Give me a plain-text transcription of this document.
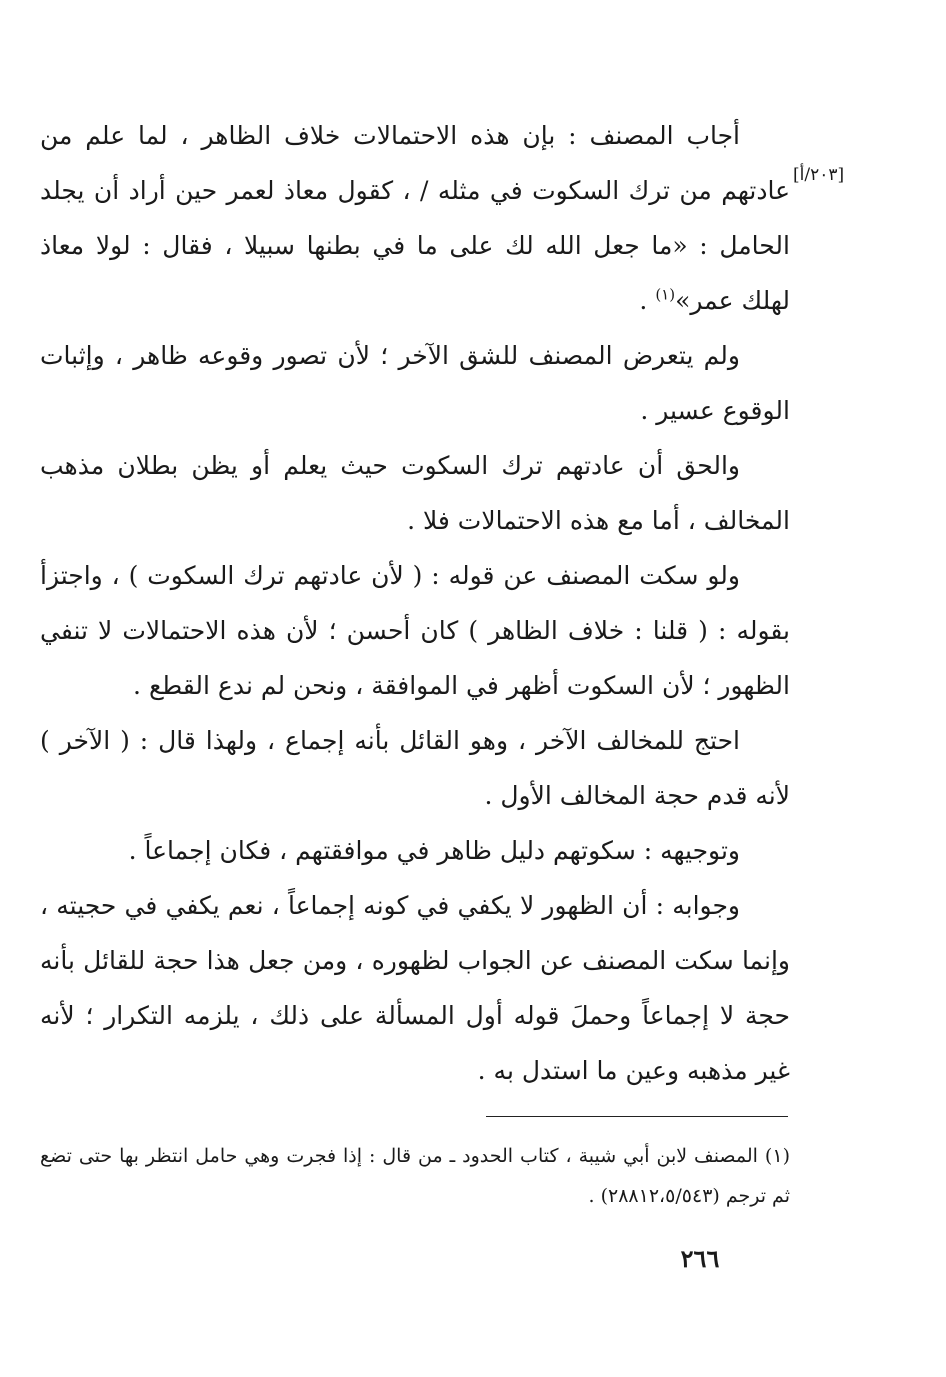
[٢٠٣/أ]

أجاب المصنف : بإن هذه الاحتمالات خلاف الظاهر ، لما علم من عادتهم من ترك السكوت في مثله / ، كقول معاذ لعمر حين أراد أن يجلد الحامل : «ما جعل الله لك على ما في بطنها سبيلا ، فقال : لولا معاذ لهلك عمر»$^{(١)}$ .

ولم يتعرض المصنف للشق الآخر ؛ لأن تصور وقوعه ظاهر ، وإثبات الوقوع عسير .

والحق أن عادتهم ترك السكوت حيث يعلم أو يظن بطلان مذهب المخالف ، أما مع هذه الاحتمالات فلا .

ولو سكت المصنف عن قوله : ( لأن عادتهم ترك السكوت ) ، واجتزأ بقوله : ( قلنا : خلاف الظاهر ) كان أحسن ؛ لأن هذه الاحتمالات لا تنفي الظهور ؛ لأن السكوت أظهر في الموافقة ، ونحن لم ندع القطع .

احتج للمخالف الآخر ، وهو القائل بأنه إجماع ، ولهذا قال : ( الآخر ) لأنه قدم حجة المخالف الأول .

وتوجيهه : سكوتهم دليل ظاهر في موافقتهم ، فكان إجماعاً .

وجوابه : أن الظهور لا يكفي في كونه إجماعاً ، نعم يكفي في حجيته ، وإنما سكت المصنف عن الجواب لظهوره ، ومن جعل هذا حجة للقائل بأنه حجة لا إجماعاً وحملَ قوله أول المسألة على ذلك ، يلزمه التكرار ؛ لأنه غير مذهبه وعين ما استدل به .

(١) المصنف لابن أبي شيبة ، كتاب الحدود ـ من قال : إذا فجرت وهي حامل انتظر بها حتى تضع ثم ترجم (٢٨٨١٢،٥/٥٤٣) .

٢٦٦
